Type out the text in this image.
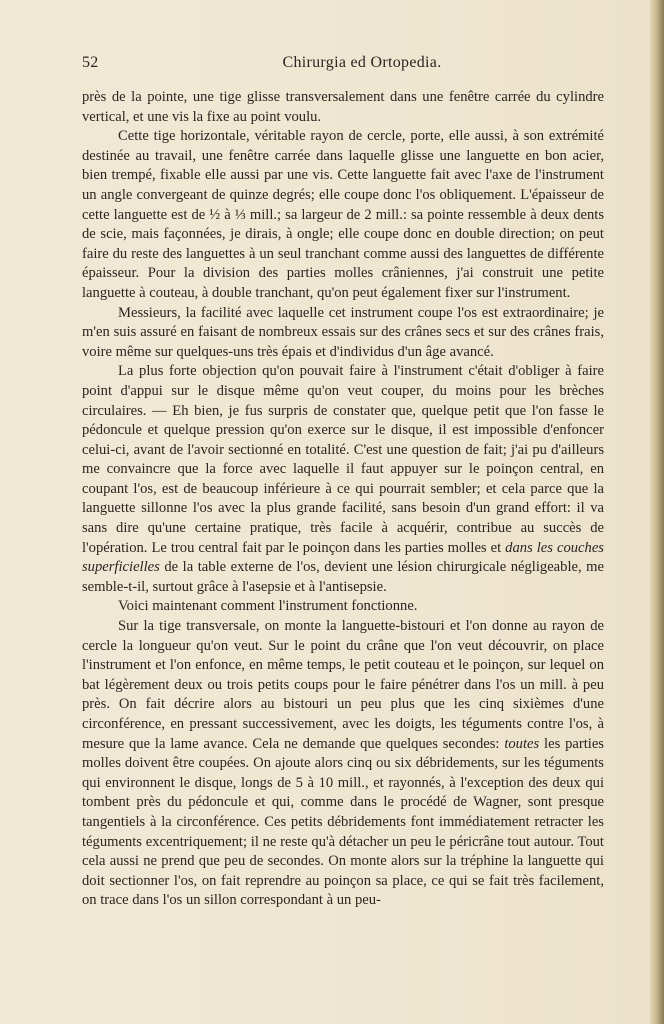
52	Chirurgia ed Ortopedia.

près de la pointe, une tige glisse transversalement dans une fenêtre carrée du cylindre vertical, et une vis la fixe au point voulu.

Cette tige horizontale, véritable rayon de cercle, porte, elle aussi, à son extrémité destinée au travail, une fenêtre carrée dans laquelle glisse une languette en bon acier, bien trempé, fixable elle aussi par une vis. Cette languette fait avec l'axe de l'instrument un angle convergeant de quinze degrés; elle coupe donc l'os obliquement. L'épaisseur de cette languette est de ½ à ⅓ mill.; sa largeur de 2 mill.: sa pointe ressemble à deux dents de scie, mais façonnées, je dirais, à ongle; elle coupe donc en double direction; on peut faire du reste des languettes à un seul tranchant comme aussi des languettes de différente épaisseur. Pour la division des parties molles crâniennes, j'ai construit une petite languette à couteau, à double tranchant, qu'on peut également fixer sur l'instrument.

Messieurs, la facilité avec laquelle cet instrument coupe l'os est extraordinaire; je m'en suis assuré en faisant de nombreux essais sur des crânes secs et sur des crânes frais, voire même sur quelques-uns très épais et d'individus d'un âge avancé.

La plus forte objection qu'on pouvait faire à l'instrument c'était d'obliger à faire point d'appui sur le disque même qu'on veut couper, du moins pour les brèches circulaires. — Eh bien, je fus surpris de constater que, quelque petit que l'on fasse le pédoncule et quelque pression qu'on exerce sur le disque, il est impossible d'enfoncer celui-ci, avant de l'avoir sectionné en totalité. C'est une question de fait; j'ai pu d'ailleurs me convaincre que la force avec laquelle il faut appuyer sur le poinçon central, en coupant l'os, est de beaucoup inférieure à ce qui pourrait sembler; et cela parce que la languette sillonne l'os avec la plus grande facilité, sans besoin d'un grand effort: il va sans dire qu'une certaine pratique, très facile à acquérir, contribue au succès de l'opération. Le trou central fait par le poinçon dans les parties molles et dans les couches superficielles de la table externe de l'os, devient une lésion chirurgicale négligeable, me semble-t-il, surtout grâce à l'asepsie et à l'antisepsie.

Voici maintenant comment l'instrument fonctionne.

Sur la tige transversale, on monte la languette-bistouri et l'on donne au rayon de cercle la longueur qu'on veut. Sur le point du crâne que l'on veut découvrir, on place l'instrument et l'on enfonce, en même temps, le petit couteau et le poinçon, sur lequel on bat légèrement deux ou trois petits coups pour le faire pénétrer dans l'os un mill. à peu près. On fait décrire alors au bistouri un peu plus que les cinq sixièmes d'une circonférence, en pressant successivement, avec les doigts, les téguments contre l'os, à mesure que la lame avance. Cela ne demande que quelques secondes: toutes les parties molles doivent être coupées. On ajoute alors cinq ou six débridements, sur les téguments qui environnent le disque, longs de 5 à 10 mill., et rayonnés, à l'exception des deux qui tombent près du pédoncule et qui, comme dans le procédé de Wagner, sont presque tangentiels à la circonférence. Ces petits débridements font immédiatement retracter les téguments excentriquement; il ne reste qu'à détacher un peu le péricrâne tout autour. Tout cela aussi ne prend que peu de secondes. On monte alors sur la tréphine la languette qui doit sectionner l'os, on fait reprendre au poinçon sa place, ce qui se fait très facilement, on trace dans l'os un sillon correspondant à un peu-
